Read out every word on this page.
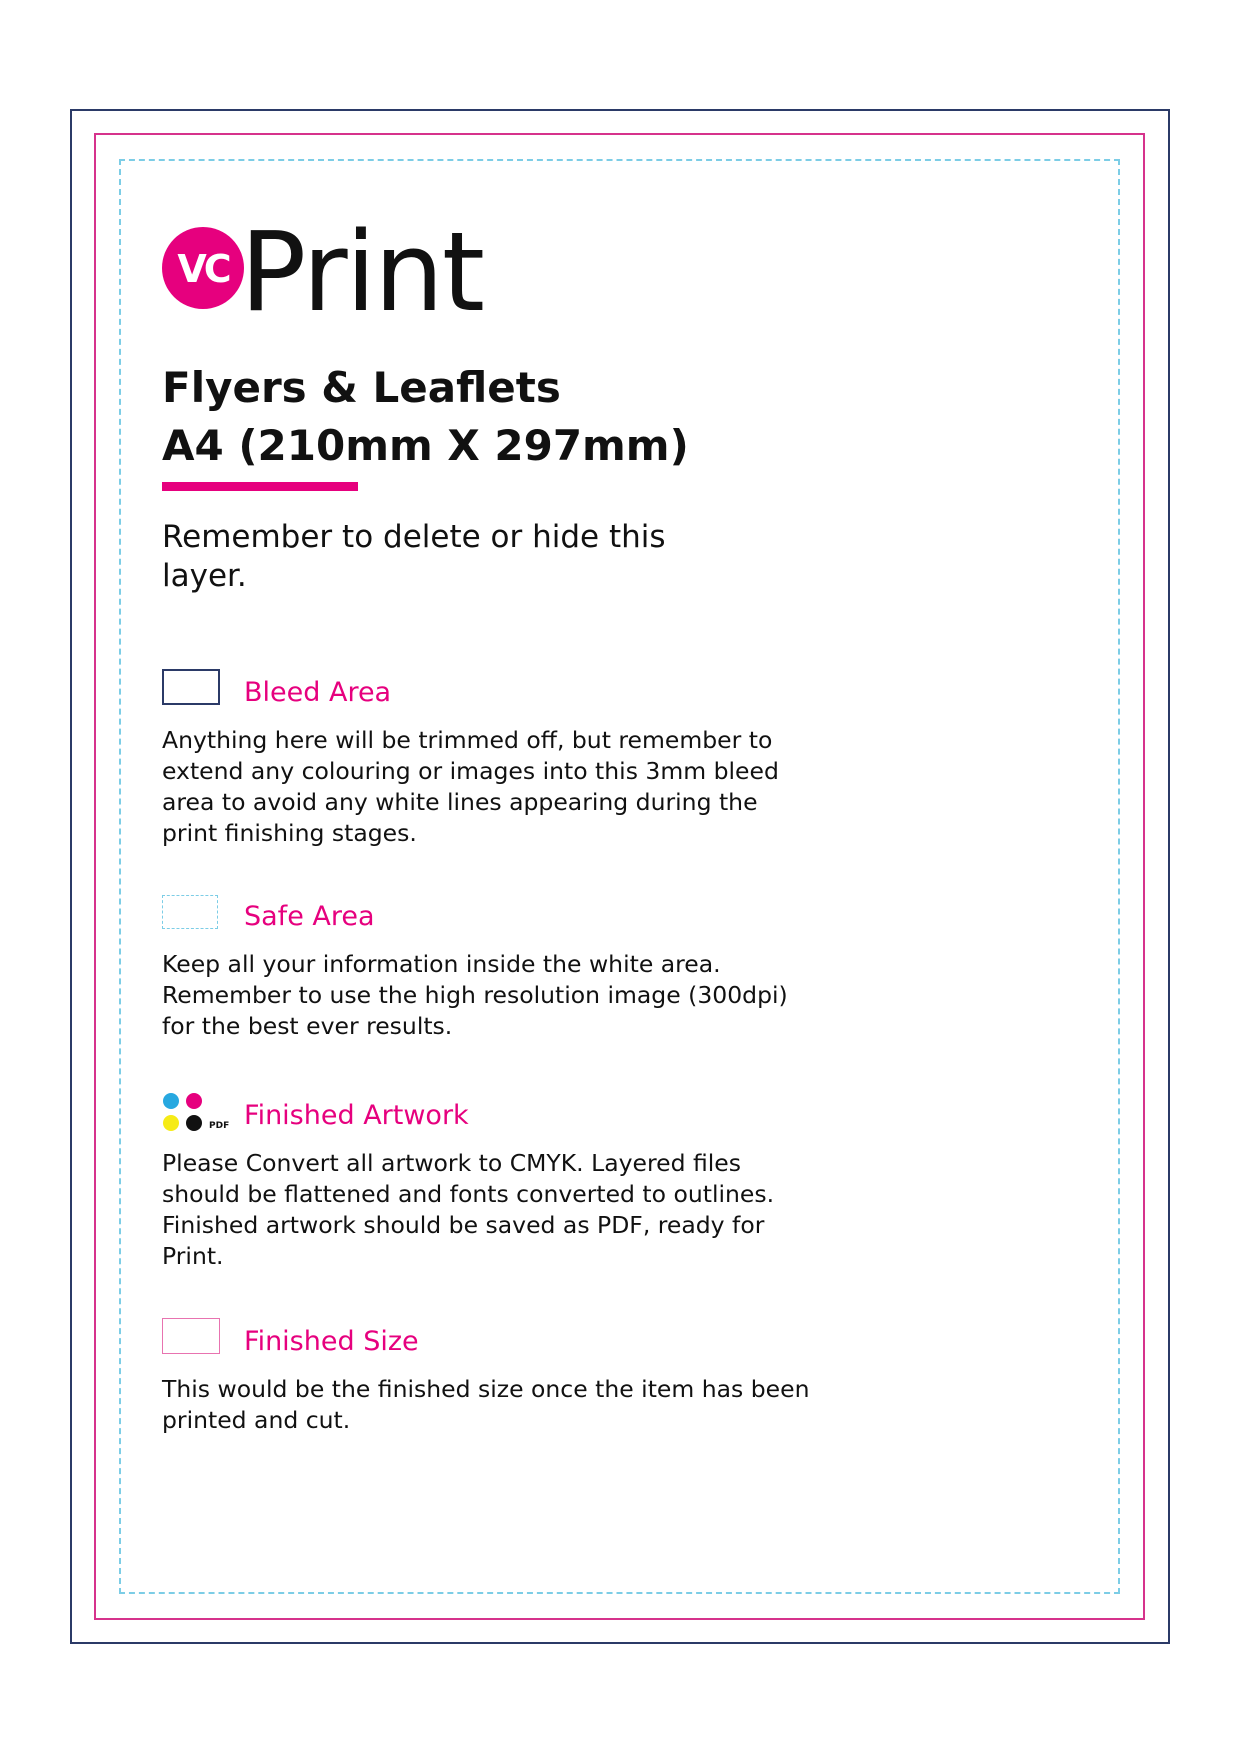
VC Print
Flyers & Leaflets
A4 (210mm X 297mm)
Remember to delete or hide this layer.
Bleed Area
Anything here will be trimmed off, but remember to extend any colouring or images into this 3mm bleed area to avoid any white lines appearing during the print finishing stages.
Safe Area
Keep all your information inside the white area. Remember to use the high resolution image (300dpi) for the best ever results.
PDF Finished Artwork
Please Convert all artwork to CMYK. Layered files should be flattened and fonts converted to outlines. Finished artwork should be saved as PDF, ready for Print.
Finished Size
This would be the finished size once the item has been printed and cut.
